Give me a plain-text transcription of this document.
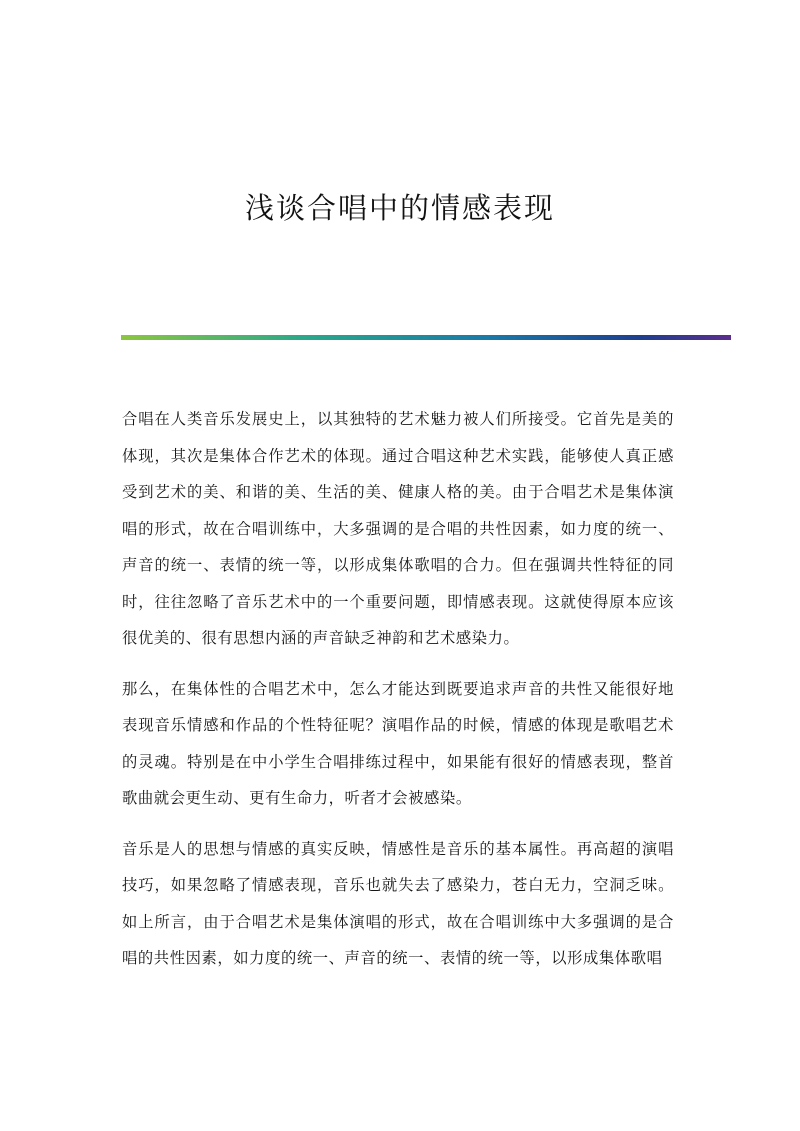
浅谈合唱中的情感表现

合唱在人类音乐发展史上，以其独特的艺术魅力被人们所接受。它首先是美的体现，其次是集体合作艺术的体现。通过合唱这种艺术实践，能够使人真正感受到艺术的美、和谐的美、生活的美、健康人格的美。由于合唱艺术是集体演唱的形式，故在合唱训练中，大多强调的是合唱的共性因素，如力度的统一、声音的统一、表情的统一等，以形成集体歌唱的合力。但在强调共性特征的同时，往往忽略了音乐艺术中的一个重要问题，即情感表现。这就使得原本应该很优美的、很有思想内涵的声音缺乏神韵和艺术感染力。

那么，在集体性的合唱艺术中，怎么才能达到既要追求声音的共性又能很好地表现音乐情感和作品的个性特征呢？演唱作品的时候，情感的体现是歌唱艺术的灵魂。特别是在中小学生合唱排练过程中，如果能有很好的情感表现，整首歌曲就会更生动、更有生命力，听者才会被感染。

音乐是人的思想与情感的真实反映，情感性是音乐的基本属性。再高超的演唱技巧，如果忽略了情感表现，音乐也就失去了感染力，苍白无力，空洞乏味。如上所言，由于合唱艺术是集体演唱的形式，故在合唱训练中大多强调的是合唱的共性因素，如力度的统一、声音的统一、表情的统一等，以形成集体歌唱
